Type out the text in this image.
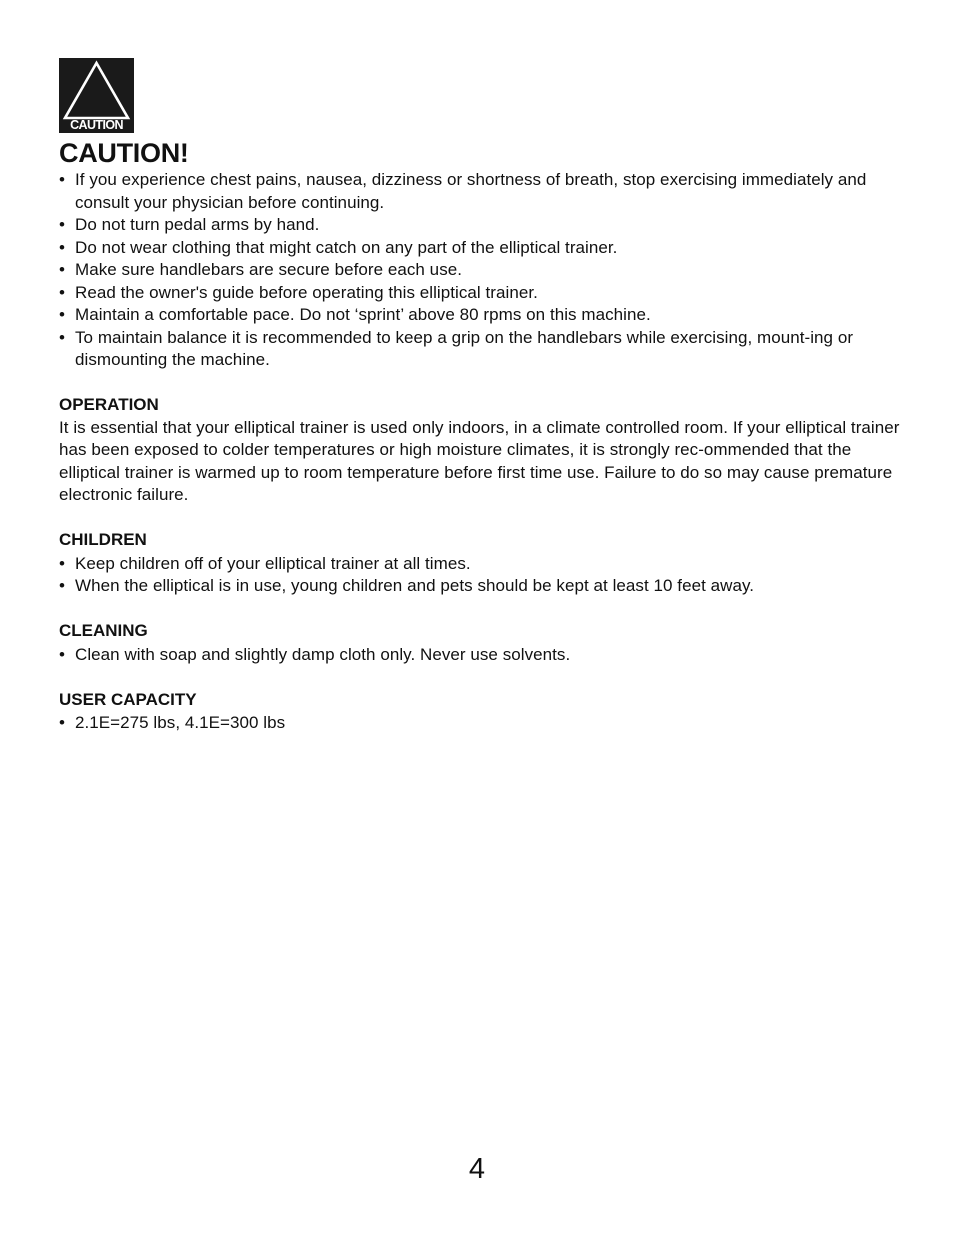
CAUTION
CAUTION!
• If you experience chest pains, nausea, dizziness or shortness of breath, stop exercising immediately and consult your physician before continuing.
• Do not turn pedal arms by hand.
• Do not wear clothing that might catch on any part of the elliptical trainer.
• Make sure handlebars are secure before each use.
• Read the owner's guide before operating this elliptical trainer.
• Maintain a comfortable pace. Do not ‘sprint’ above 80 rpms on this machine.
• To maintain balance it is recommended to keep a grip on the handlebars while exercising, mount-ing or dismounting the machine.

OPERATION

It is essential that your elliptical trainer is used only indoors, in a climate controlled room. If your elliptical trainer has been exposed to colder temperatures or high moisture climates, it is strongly rec-ommended that the elliptical trainer is warmed up to room temperature before first time use. Failure to do so may cause premature electronic failure.

CHILDREN

• Keep children off of your elliptical trainer at all times.
• When the elliptical is in use, young children and pets should be kept at least 10 feet away.

CLEANING

• Clean with soap and slightly damp cloth only. Never use solvents.

USER CAPACITY

• 2.1E=275 lbs, 4.1E=300 lbs
4
